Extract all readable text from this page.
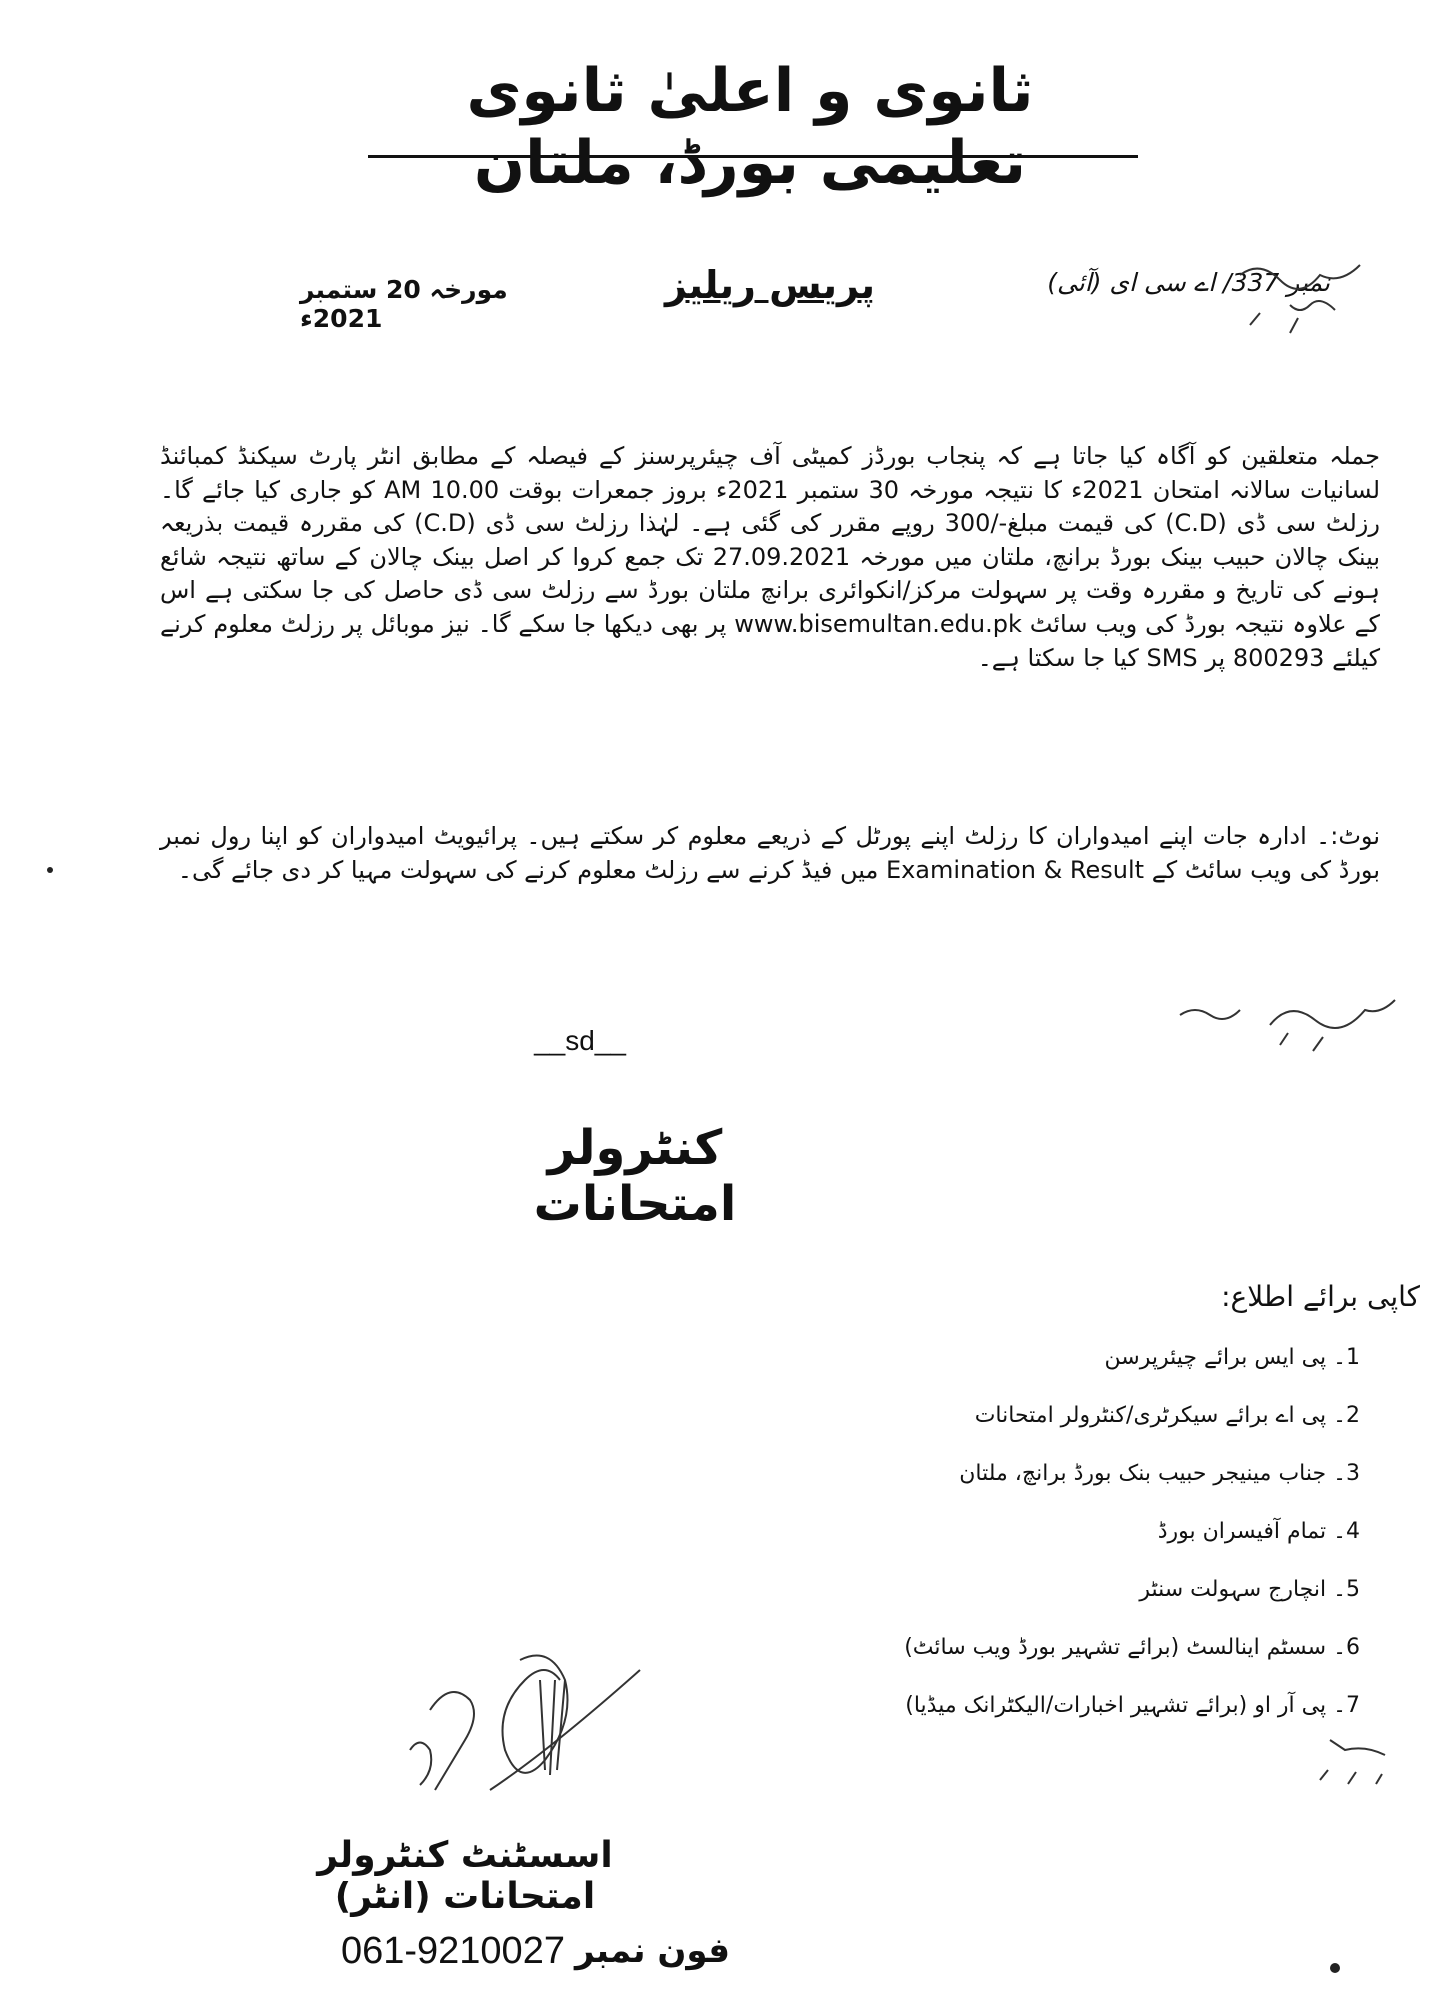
ثانوی و اعلیٰ ثانوی تعلیمی بورڈ، ملتان
نمبر 337/ اے سی ای (آئی)
پریس ریلیز
مورخہ 20 ستمبر 2021ء
جملہ متعلقین کو آگاہ کیا جاتا ہے کہ پنجاب بورڈز کمیٹی آف چیئرپرسنز کے فیصلہ کے مطابق انٹر پارٹ سیکنڈ کمبائنڈ لسانیات سالانہ امتحان 2021ء کا نتیجہ مورخہ 30 ستمبر 2021ء بروز جمعرات بوقت 10.00 AM کو جاری کیا جائے گا۔ رزلٹ سی ڈی (C.D) کی قیمت مبلغ-/300 روپے مقرر کی گئی ہے۔ لہٰذا رزلٹ سی ڈی (C.D) کی مقررہ قیمت بذریعہ بینک چالان حبیب بینک بورڈ برانچ، ملتان میں مورخہ 27.09.2021 تک جمع کروا کر اصل بینک چالان کے ساتھ نتیجہ شائع ہونے کی تاریخ و مقررہ وقت پر سہولت مرکز/انکوائری برانچ ملتان بورڈ سے رزلٹ سی ڈی حاصل کی جا سکتی ہے اس کے علاوہ نتیجہ بورڈ کی ویب سائٹ www.bisemultan.edu.pk پر بھی دیکھا جا سکے گا۔ نیز موبائل پر رزلٹ معلوم کرنے کیلئے 800293 پر SMS کیا جا سکتا ہے۔
نوٹ:۔ ادارہ جات اپنے امیدواران کا رزلٹ اپنے پورٹل کے ذریعے معلوم کر سکتے ہیں۔ پرائیویٹ امیدواران کو اپنا رول نمبر بورڈ کی ویب سائٹ کے Examination & Result میں فیڈ کرنے سے رزلٹ معلوم کرنے کی سہولت مہیا کر دی جائے گی۔
__sd__
کنٹرولر امتحانات
کاپی برائے اطلاع:
1۔ پی ایس برائے چیئرپرسن
2۔ پی اے برائے سیکرٹری/کنٹرولر امتحانات
3۔ جناب مینیجر حبیب بنک بورڈ برانچ، ملتان
4۔ تمام آفیسران بورڈ
5۔ انچارج سہولت سنٹر
6۔ سسٹم اینالسٹ (برائے تشہیر بورڈ ویب سائٹ)
7۔ پی آر او (برائے تشہیر اخبارات/الیکٹرانک میڈیا)
اسسٹنٹ کنٹرولر امتحانات (انٹر)
فون نمبر
061-9210027
